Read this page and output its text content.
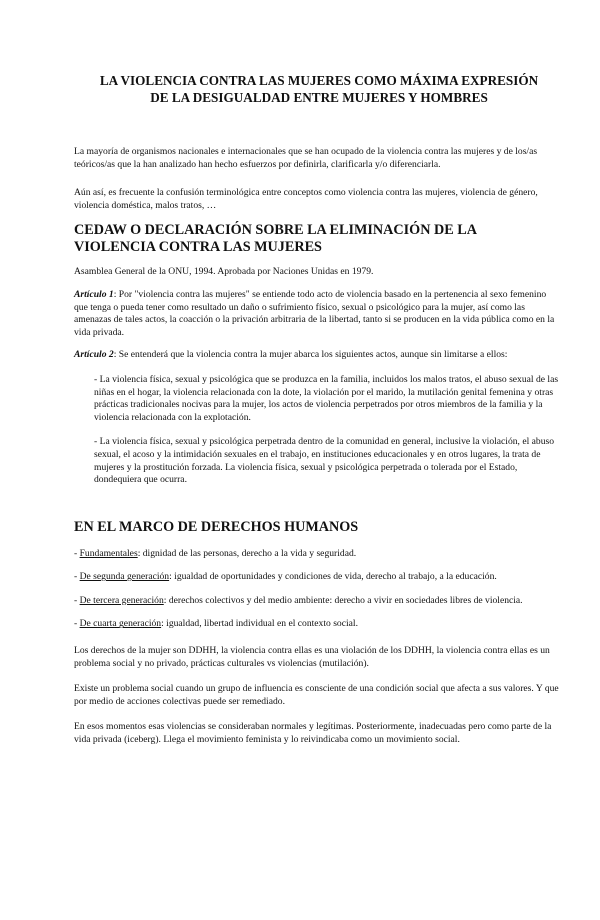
LA VIOLENCIA CONTRA LAS MUJERES COMO MÁXIMA EXPRESIÓN
DE LA DESIGUALDAD ENTRE MUJERES Y HOMBRES

La mayoría de organismos nacionales e internacionales que se han ocupado de la violencia contra las mujeres y de los/as teóricos/as que la han analizado han hecho esfuerzos por definirla, clarificarla y/o diferenciarla.

Aún así, es frecuente la confusión terminológica entre conceptos como violencia contra las mujeres, violencia de género, violencia doméstica, malos tratos, …

CEDAW O DECLARACIÓN SOBRE LA ELIMINACIÓN DE LA
VIOLENCIA CONTRA LAS MUJERES

Asamblea General de la ONU, 1994. Aprobada por Naciones Unidas en 1979.

Artículo 1: Por "violencia contra las mujeres" se entiende todo acto de violencia basado en la pertenencia al sexo femenino que tenga o pueda tener como resultado un daño o sufrimiento físico, sexual o psicológico para la mujer, así como las amenazas de tales actos, la coacción o la privación arbitraria de la libertad, tanto si se producen en la vida pública como en la vida privada.

Artículo 2: Se entenderá que la violencia contra la mujer abarca los siguientes actos, aunque sin limitarse a ellos:

- La violencia física, sexual y psicológica que se produzca en la familia, incluidos los malos tratos, el abuso sexual de las niñas en el hogar, la violencia relacionada con la dote, la violación por el marido, la mutilación genital femenina y otras prácticas tradicionales nocivas para la mujer, los actos de violencia perpetrados por otros miembros de la familia y la violencia relacionada con la explotación.

- La violencia física, sexual y psicológica perpetrada dentro de la comunidad en general, inclusive la violación, el abuso sexual, el acoso y la intimidación sexuales en el trabajo, en instituciones educacionales y en otros lugares, la trata de mujeres y la prostitución forzada. La violencia física, sexual y psicológica perpetrada o tolerada por el Estado, dondequiera que ocurra.

EN EL MARCO DE DERECHOS HUMANOS

- Fundamentales: dignidad de las personas, derecho a la vida y seguridad.

- De segunda generación: igualdad de oportunidades y condiciones de vida, derecho al trabajo, a la educación.

- De tercera generación: derechos colectivos y del medio ambiente: derecho a vivir en sociedades libres de violencia.

- De cuarta generación: igualdad, libertad individual en el contexto social.

Los derechos de la mujer son DDHH, la violencia contra ellas es una violación de los DDHH, la violencia contra ellas es un problema social y no privado, prácticas culturales vs violencias (mutilación).

Existe un problema social cuando un grupo de influencia es consciente de una condición social que afecta a sus valores. Y que por medio de acciones colectivas puede ser remediado.

En esos momentos esas violencias se consideraban normales y legítimas. Posteriormente, inadecuadas pero como parte de la vida privada (iceberg). Llega el movimiento feminista y lo reivindicaba como un movimiento social.
